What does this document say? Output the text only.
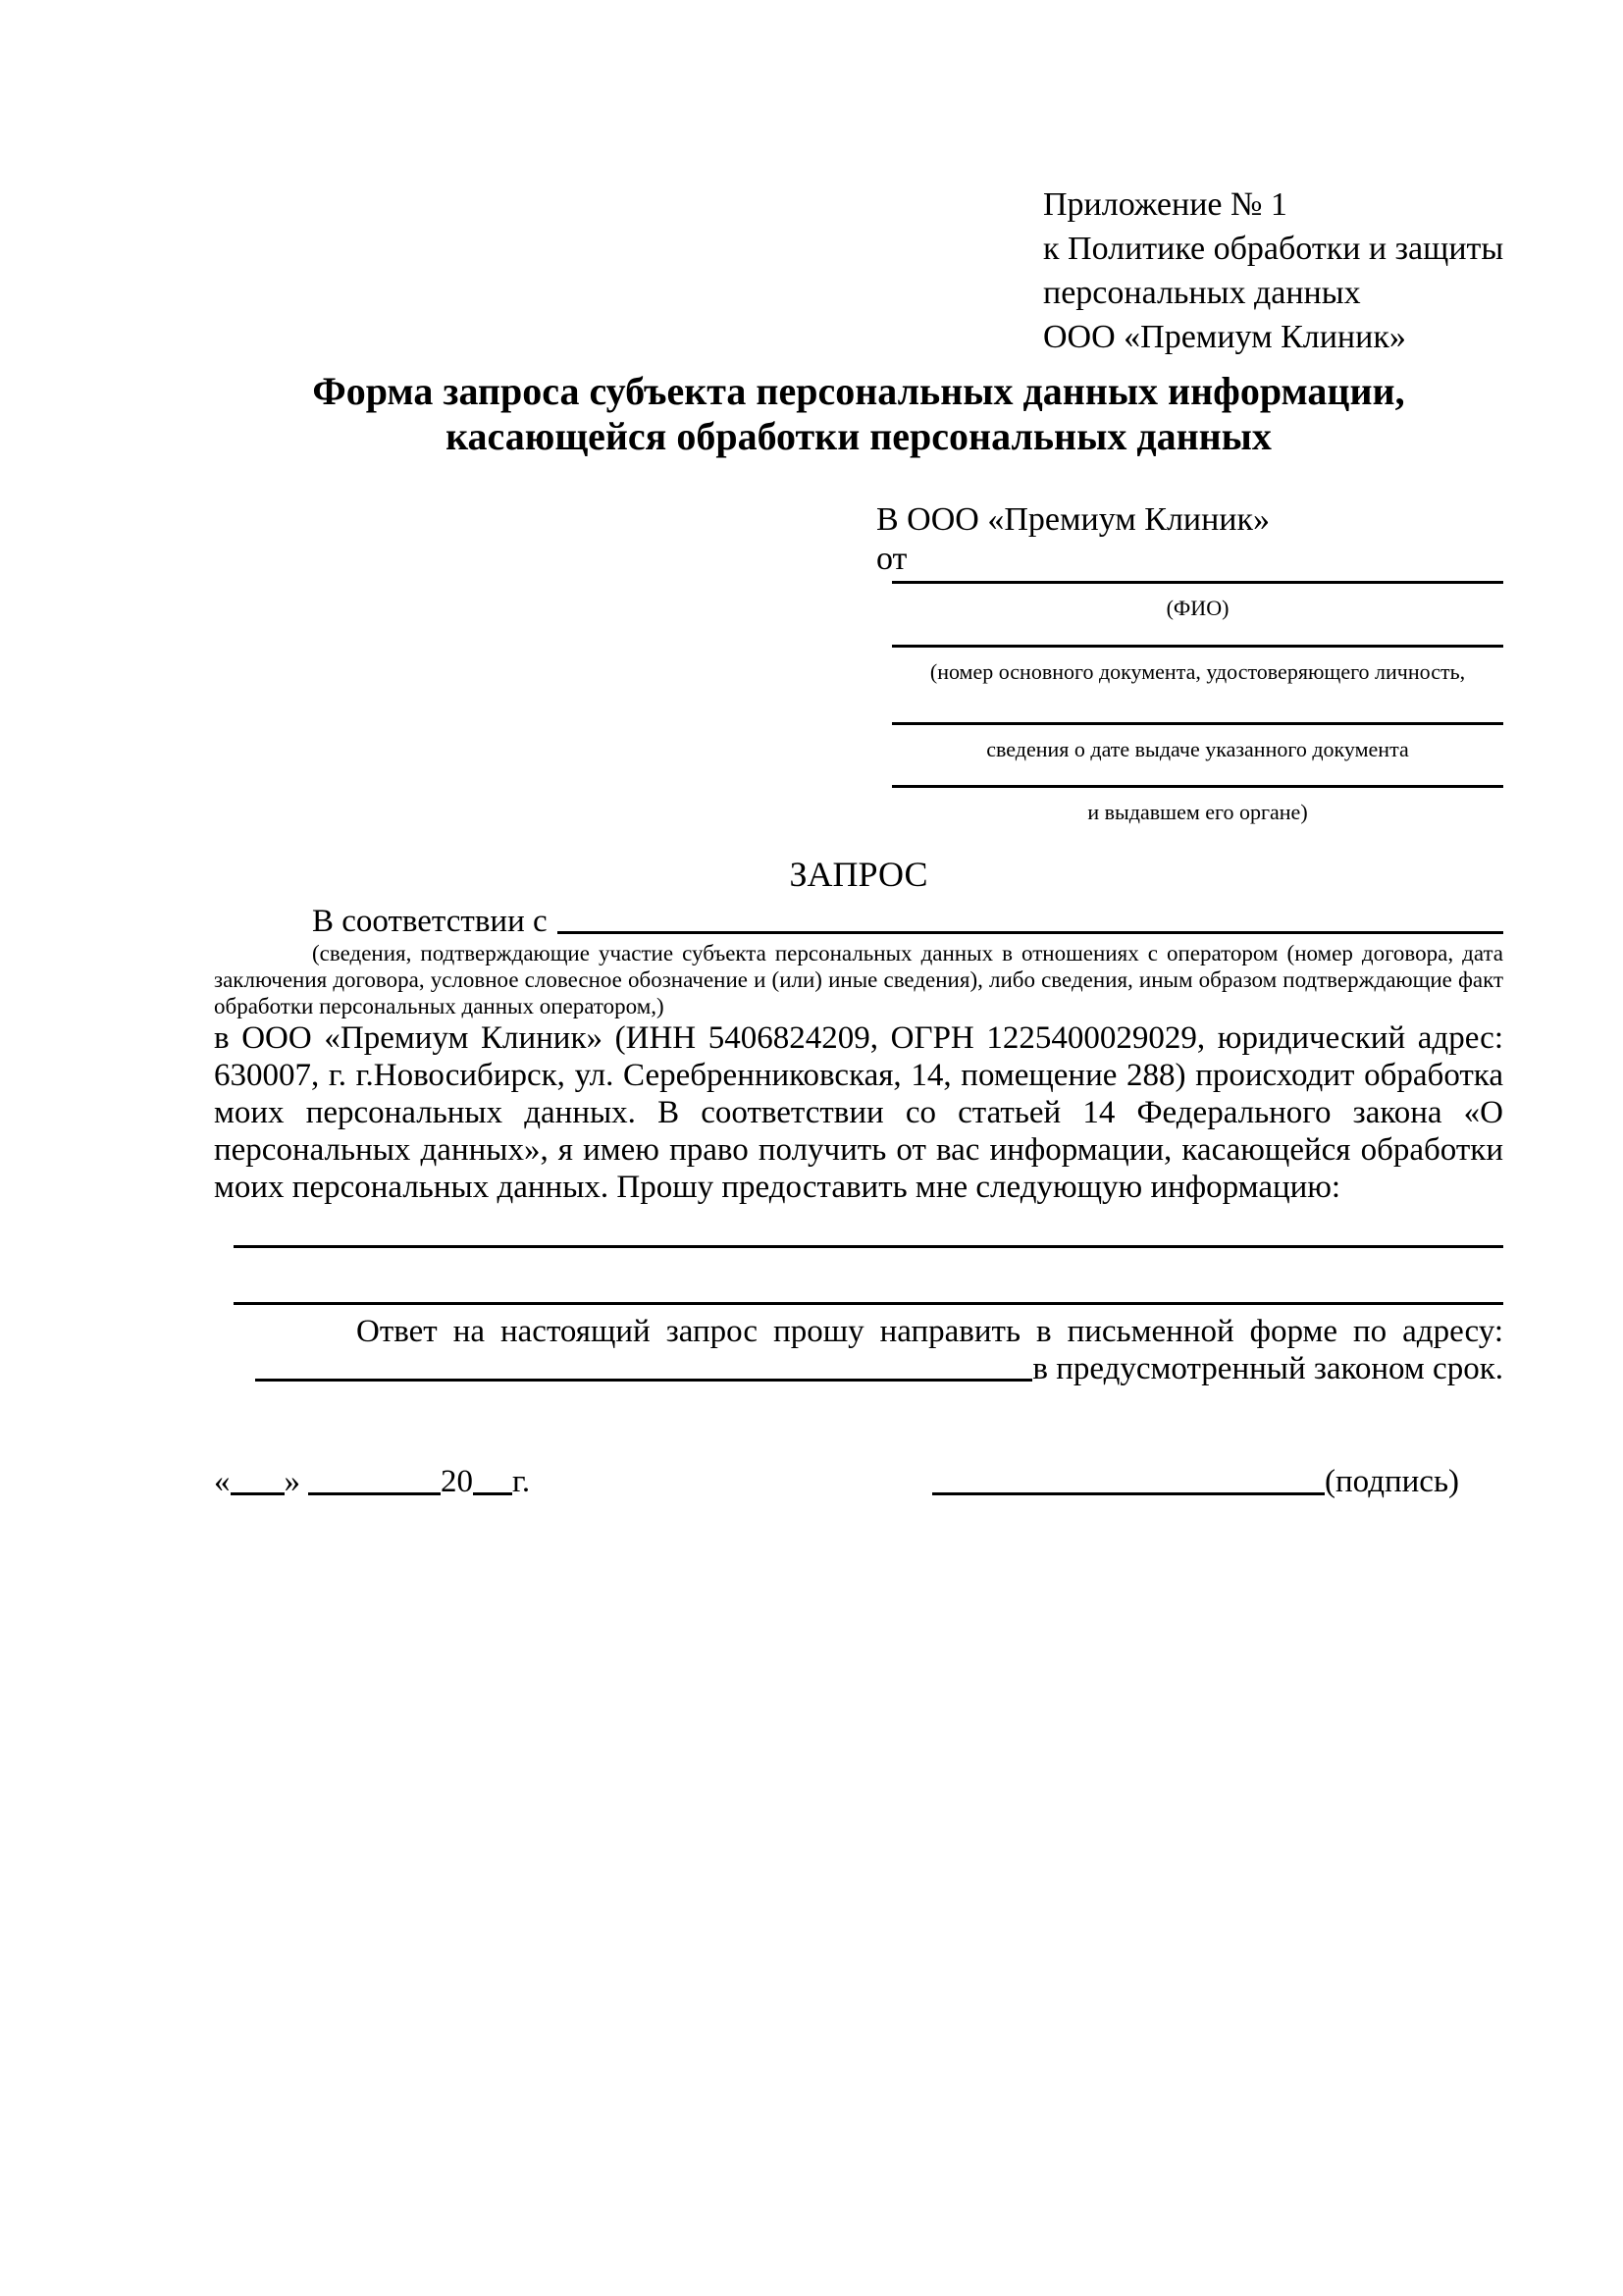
Приложение № 1
к Политике обработки и защиты
персональных данных
ООО «Премиум Клиник»
Форма запроса субъекта персональных данных информации,
касающейся обработки персональных данных
В ООО «Премиум Клиник»
от
(ФИО)
(номер основного документа, удостоверяющего личность,
сведения о дате выдаче указанного документа
и выдавшем его органе)
ЗАПРОС
В соответствии с
(сведения, подтверждающие участие субъекта персональных данных в отношениях с оператором (номер договора, дата
заключения договора, условное словесное обозначение и (или) иные сведения), либо сведения, иным образом подтверждающие факт
обработки персональных данных оператором,)
в ООО «Премиум Клиник» (ИНН 5406824209, ОГРН 1225400029029, юридический адрес:
630007, г. г.Новосибирск, ул. Серебренниковская, 14, помещение 288) происходит обработка
моих персональных данных. В соответствии со статьей 14 Федерального закона «О
персональных данных», я имею право получить от вас информации, касающейся обработки
моих персональных данных. Прошу предоставить мне следующую информацию:
Ответ на настоящий запрос прошу направить в письменной форме по адресу:
в предусмотренный законом срок.
« »	20 г.	(подпись)
